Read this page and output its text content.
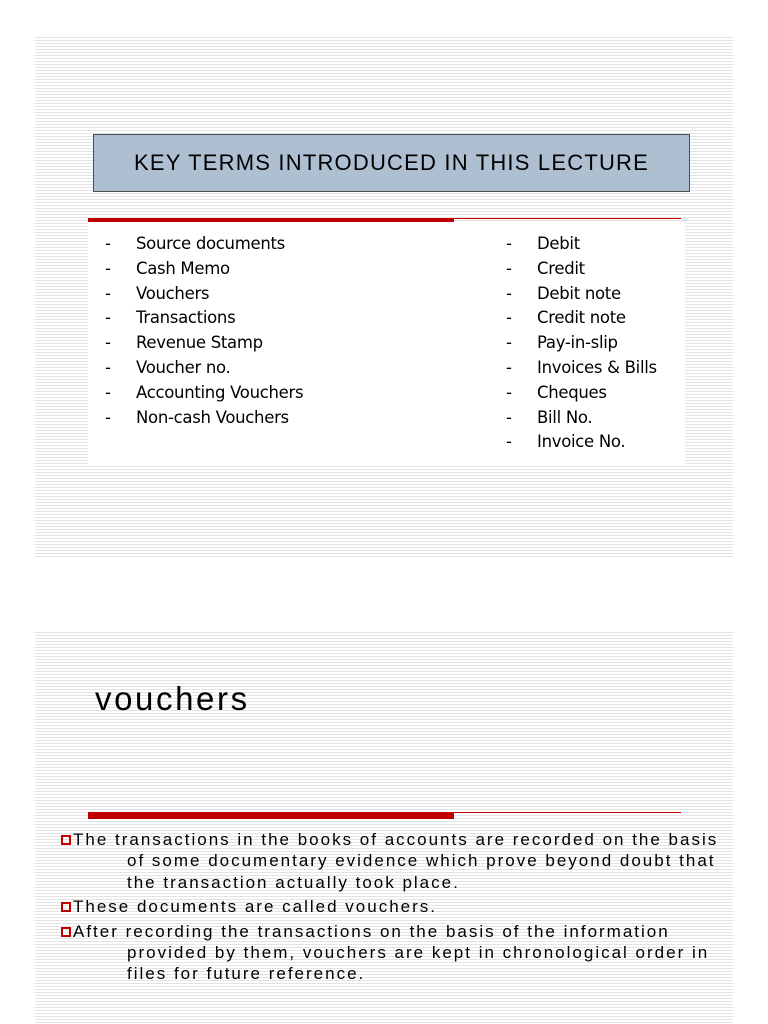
KEY TERMS INTRODUCED IN THIS LECTURE
- Source documents
- Cash Memo
- Vouchers
- Transactions
- Revenue Stamp
- Voucher no.
- Accounting Vouchers
- Non-cash Vouchers
- Debit
- Credit
- Debit note
- Credit note
- Pay-in-slip
- Invoices & Bills
- Cheques
- Bill No.
- Invoice No.
vouchers
The transactions in the books of accounts are recorded on the basis of some documentary evidence which prove beyond doubt that the transaction actually took place.
These documents are called vouchers.
After recording the transactions on the basis of the information provided by them, vouchers are kept in chronological order in files for future reference.
